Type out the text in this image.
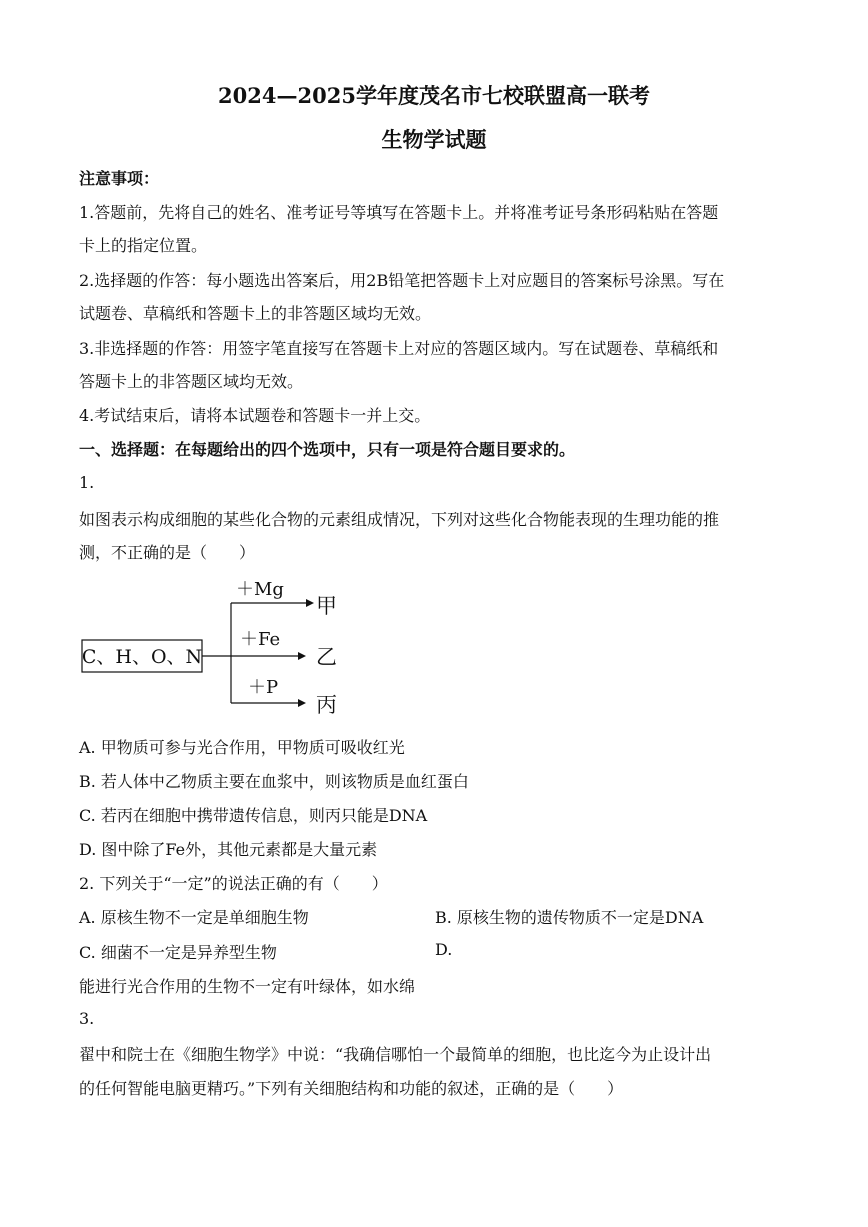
2024—2025学年度茂名市七校联盟高一联考
生物学试题
注意事项：
1.答题前，先将自己的姓名、准考证号等填写在答题卡上。并将准考证号条形码粘贴在答题
卡上的指定位置。
2.选择题的作答：每小题选出答案后，用2B铅笔把答题卡上对应题目的答案标号涂黑。写在
试题卷、草稿纸和答题卡上的非答题区域均无效。
3.非选择题的作答：用签字笔直接写在答题卡上对应的答题区域内。写在试题卷、草稿纸和
答题卡上的非答题区域均无效。
4.考试结束后，请将本试题卷和答题卡一并上交。
一、选择题：在每题给出的四个选项中，只有一项是符合题目要求的。
1.
如图表示构成细胞的某些化合物的元素组成情况，下列对这些化合物能表现的生理功能的推
测，不正确的是（　　）
C、H、O、N
＋Mg
甲
＋Fe
乙
＋P
丙
A. 甲物质可参与光合作用，甲物质可吸收红光
B. 若人体中乙物质主要在血浆中，则该物质是血红蛋白
C. 若丙在细胞中携带遗传信息，则丙只能是DNA
D. 图中除了Fe外，其他元素都是大量元素
2. 下列关于“一定”的说法正确的有（　　）
A. 原核生物不一定是单细胞生物	B. 原核生物的遗传物质不一定是DNA
C. 细菌不一定是异养型生物	D.
能进行光合作用的生物不一定有叶绿体，如水绵
3.
翟中和院士在《细胞生物学》中说：“我确信哪怕一个最简单的细胞，也比迄今为止设计出
的任何智能电脑更精巧。”下列有关细胞结构和功能的叙述，正确的是（　　）
